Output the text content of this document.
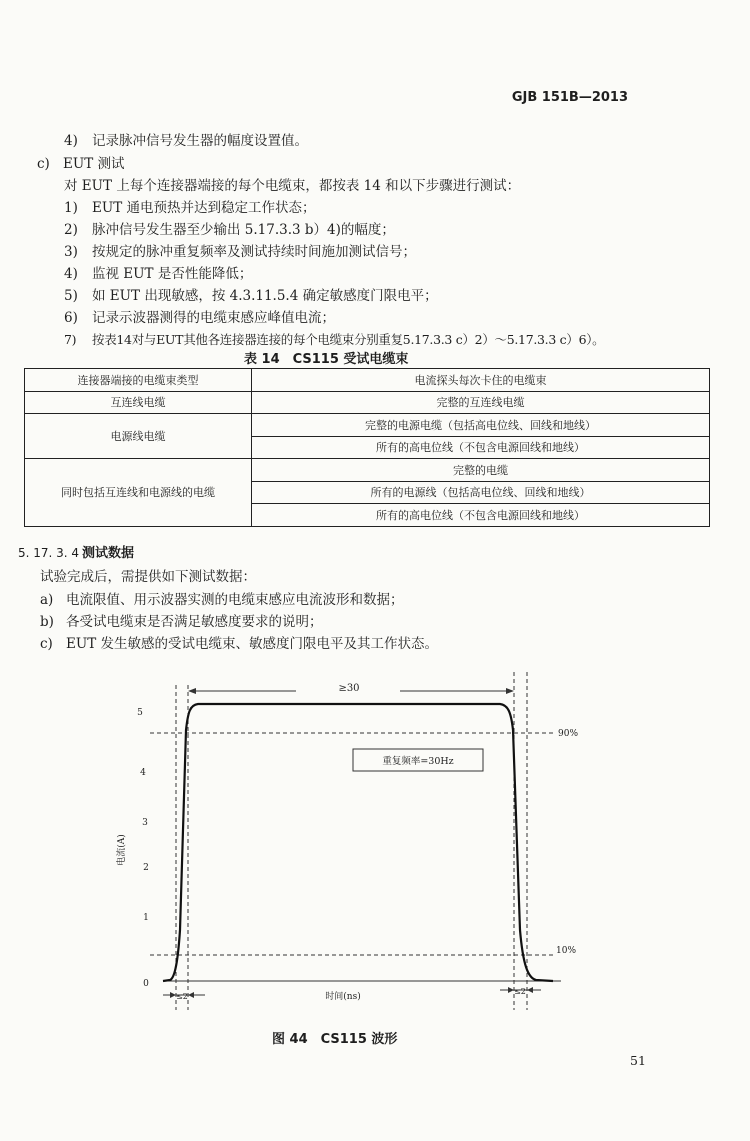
GJB 151B—2013
4) 记录脉冲信号发生器的幅度设置值。
c) EUT 测试
对 EUT 上每个连接器端接的每个电缆束，都按表 14 和以下步骤进行测试：
1) EUT 通电预热并达到稳定工作状态；
2) 脉冲信号发生器至少输出 5.17.3.3 b）4)的幅度；
3) 按规定的脉冲重复频率及测试持续时间施加测试信号；
4) 监视 EUT 是否性能降低；
5) 如 EUT 出现敏感，按 4.3.11.5.4 确定敏感度门限电平；
6) 记录示波器测得的电缆束感应峰值电流；
7) 按表14对与EUT其他各连接器连接的每个电缆束分别重复5.17.3.3 c）2）～5.17.3.3 c）6）。
表 14　CS115 受试电缆束
连接器端接的电缆束类型	电流探头每次卡住的电缆束
互连线电缆	完整的互连线电缆
电源线电缆	完整的电源电缆（包括高电位线、回线和地线）
	所有的高电位线（不包含电源回线和地线）
同时包括互连线和电源线的电缆	完整的电缆
	所有的电源线（包括高电位线、回线和地线）
	所有的高电位线（不包含电源回线和地线）
5. 17. 3. 4 测试数据
试验完成后，需提供如下测试数据：
a) 电流限值、用示波器实测的电缆束感应电流波形和数据；
b) 各受试电缆束是否满足敏感度要求的说明；
c) EUT 发生敏感的受试电缆束、敏感度门限电平及其工作状态。
≥30
5
4
3
2
1
0
电流(A)
90%
10%
重复频率=30Hz
≤2
≤2
时间(ns)
图 44　CS115 波形
51
